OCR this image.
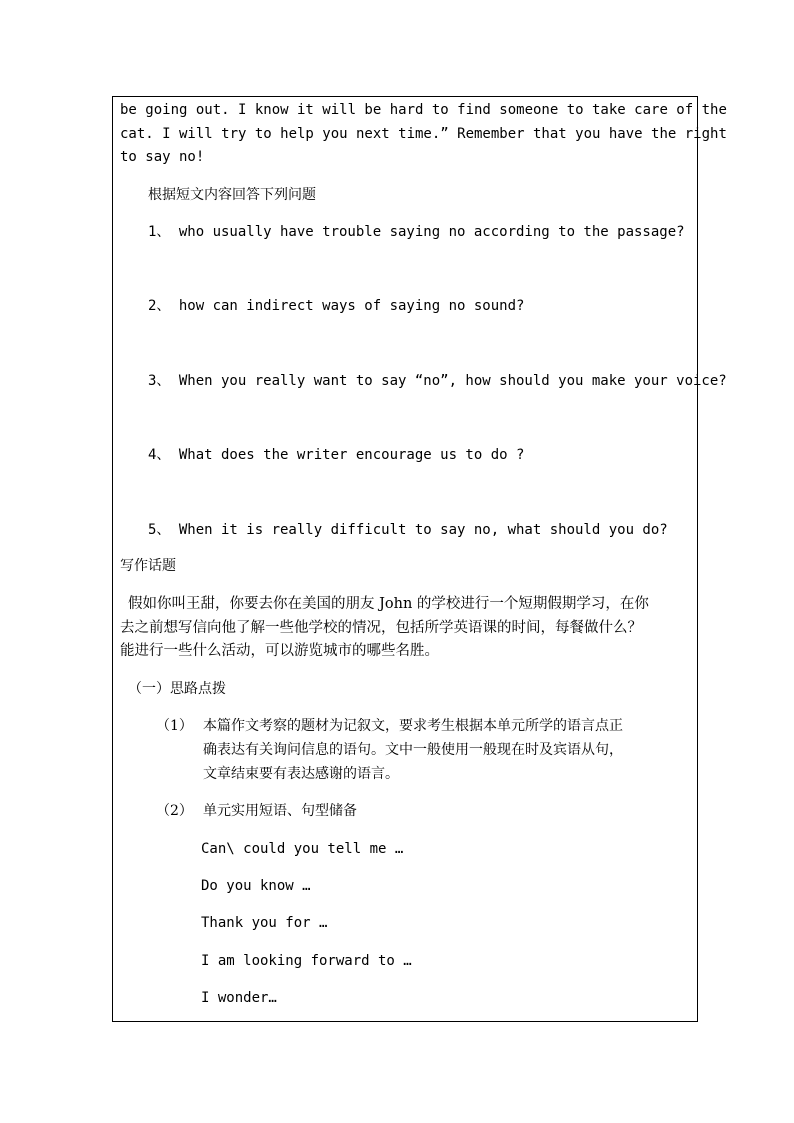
be going out. I know it will be hard to find someone to take care of the
cat. I will try to help you next time.” Remember that you have the right
to say no!
根据短文内容回答下列问题
1、 who usually have trouble saying no according to the passage?
2、 how can indirect ways of saying no sound?
3、 When you really want to say “no”, how should you make your voice?
4、 What does the writer encourage us to do ?
5、 When it is really difficult to say no, what should you do?
写作话题
假如你叫王甜，你要去你在美国的朋友 John 的学校进行一个短期假期学习，在你
去之前想写信向他了解一些他学校的情况，包括所学英语课的时间，每餐做什么？
能进行一些什么活动，可以游览城市的哪些名胜。
（一）思路点拨
（1） 本篇作文考察的题材为记叙文，要求考生根据本单元所学的语言点正
确表达有关询问信息的语句。文中一般使用一般现在时及宾语从句，
文章结束要有表达感谢的语言。
（2） 单元实用短语、句型储备
Can\ could you tell me …
Do you know …
Thank you for …
I am looking forward to …
I wonder…
